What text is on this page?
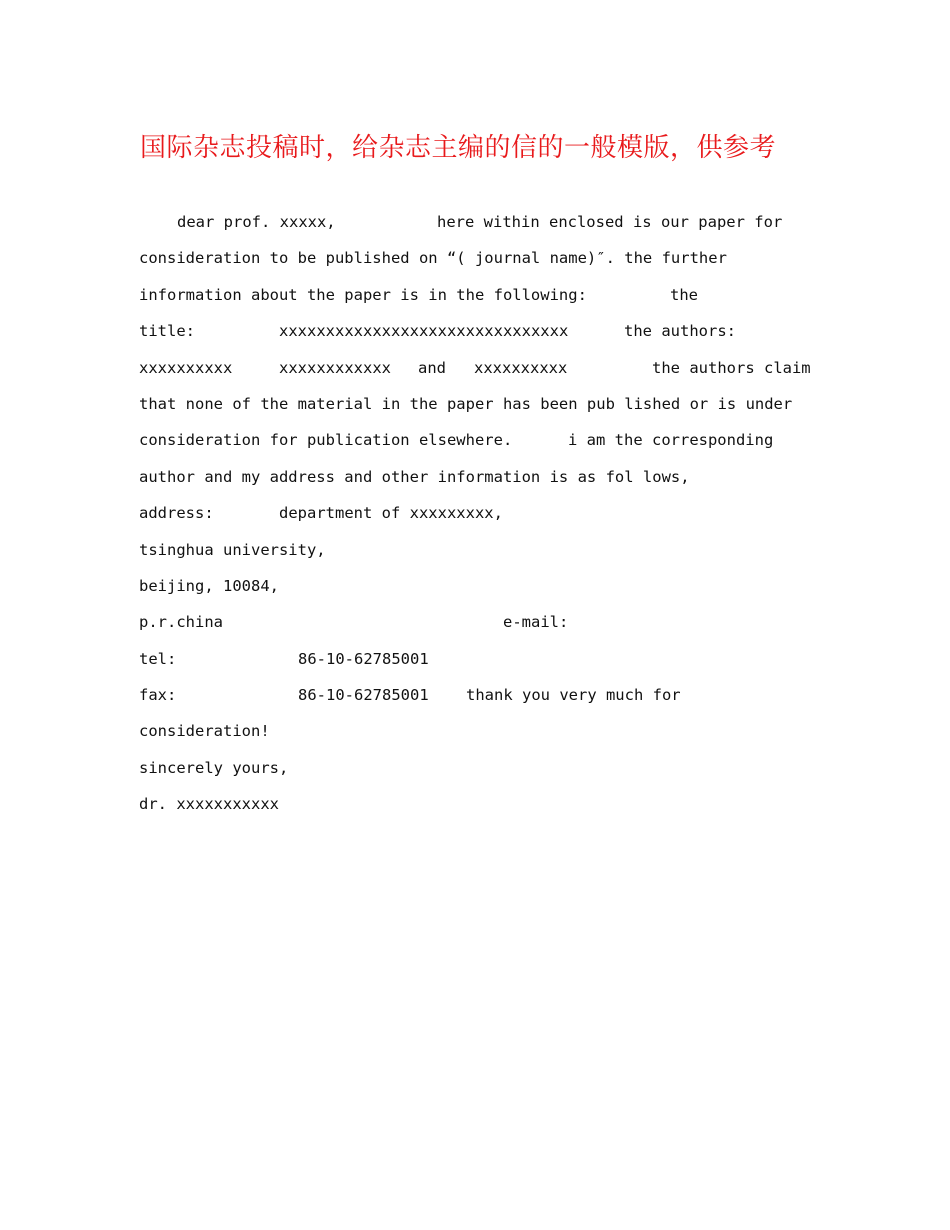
国际杂志投稿时，给杂志主编的信的一般模版，供参考
dear prof. xxxxx,	here within enclosed is our paper for
consideration to be published on “( journal name)″. the further
information about the paper is in the following:	the
title:	xxxxxxxxxxxxxxxxxxxxxxxxxxxxxxx	the authors:
xxxxxxxxxx	xxxxxxxxxxxx and xxxxxxxxxx	the authors claim
that none of the material in the paper has been pub lished or is under
consideration for publication elsewhere.	i am the corresponding
author and my address and other information is as fol lows,
address:	department of xxxxxxxxx,
tsinghua university,
beijing, 10084,
p.r.china	e-mail:
tel:	86-10-62785001
fax:	86-10-62785001 thank you very much for
consideration!
sincerely yours,
dr. xxxxxxxxxxx
